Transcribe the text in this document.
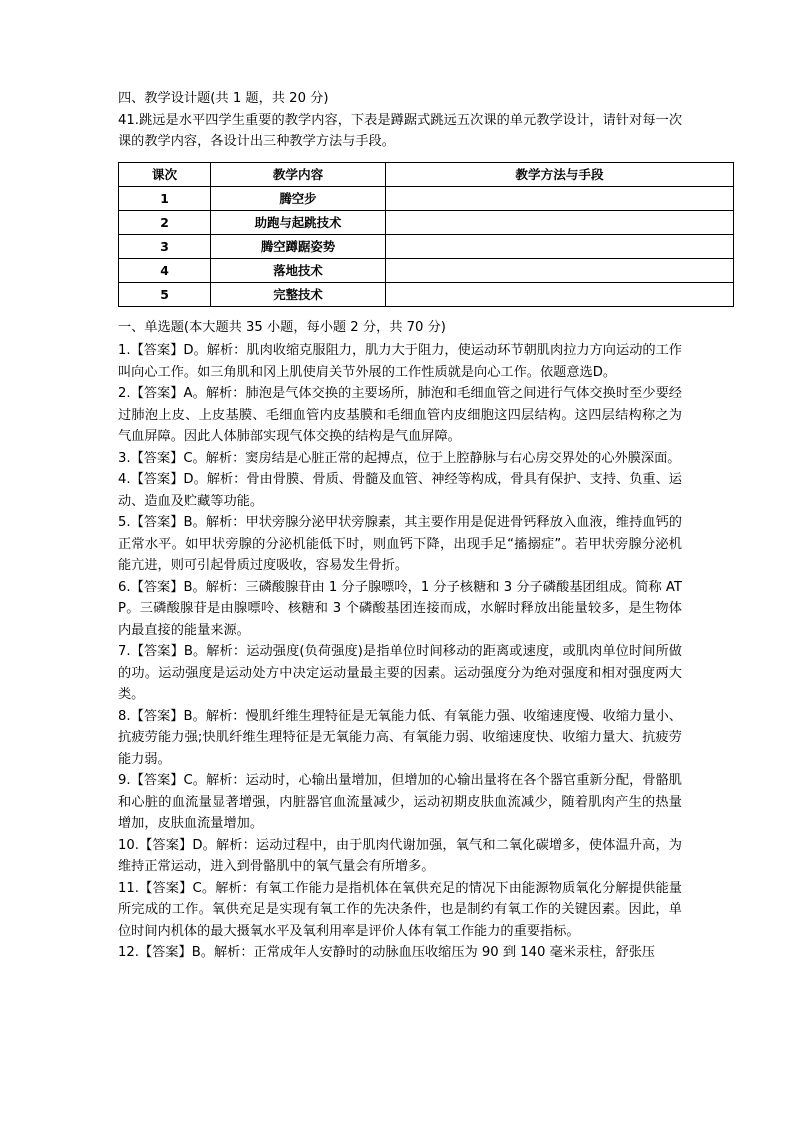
四、教学设计题(共 1 题，共 20 分)
41.跳远是水平四学生重要的教学内容，下表是蹲踞式跳远五次课的单元教学设计，请针对每一次课的教学内容，各设计出三种教学方法与手段。
课次	教学内容	教学方法与手段
1	腾空步	
2	助跑与起跳技术	
3	腾空蹲踞姿势	
4	落地技术	
5	完整技术	
一、单选题(本大题共 35 小题，每小题 2 分，共 70 分)

1.【答案】D。解析：肌肉收缩克服阻力，肌力大于阻力，使运动环节朝肌肉拉力方向运动的工作叫向心工作。如三角肌和冈上肌使肩关节外展的工作性质就是向心工作。依题意选D。

2.【答案】A。解析：肺泡是气体交换的主要场所，肺泡和毛细血管之间进行气体交换时至少要经过肺泡上皮、上皮基膜、毛细血管内皮基膜和毛细血管内皮细胞这四层结构。这四层结构称之为气血屏障。因此人体肺部实现气体交换的结构是气血屏障。

3.【答案】C。解析：窦房结是心脏正常的起搏点，位于上腔静脉与右心房交界处的心外膜深面。

4.【答案】D。解析：骨由骨膜、骨质、骨髓及血管、神经等构成，骨具有保护、支持、负重、运动、造血及贮藏等功能。

5.【答案】B。解析：甲状旁腺分泌甲状旁腺素，其主要作用是促进骨钙释放入血液，维持血钙的正常水平。如甲状旁腺的分泌机能低下时，则血钙下降，出现手足“搐搦症”。若甲状旁腺分泌机能亢进，则可引起骨质过度吸收，容易发生骨折。

6.【答案】B。解析：三磷酸腺苷由 1 分子腺嘌呤，1 分子核糖和 3 分子磷酸基团组成。简称 ATP。三磷酸腺苷是由腺嘌呤、核糖和 3 个磷酸基团连接而成，水解时释放出能量较多，是生物体内最直接的能量来源。

7.【答案】B。解析：运动强度(负荷强度)是指单位时间移动的距离或速度，或肌肉单位时间所做的功。运动强度是运动处方中决定运动量最主要的因素。运动强度分为绝对强度和相对强度两大类。

8.【答案】B。解析：慢肌纤维生理特征是无氧能力低、有氧能力强、收缩速度慢、收缩力量小、抗疲劳能力强;快肌纤维生理特征是无氧能力高、有氧能力弱、收缩速度快、收缩力量大、抗疲劳能力弱。

9.【答案】C。解析：运动时，心输出量增加，但增加的心输出量将在各个器官重新分配，骨骼肌和心脏的血流量显著增强，内脏器官血流量减少，运动初期皮肤血流减少，随着肌肉产生的热量增加，皮肤血流量增加。

10.【答案】D。解析：运动过程中，由于肌肉代谢加强，氧气和二氧化碳增多，使体温升高，为维持正常运动，进入到骨骼肌中的氧气量会有所增多。

11.【答案】C。解析：有氧工作能力是指机体在氧供充足的情况下由能源物质氧化分解提供能量所完成的工作。氧供充足是实现有氧工作的先决条件，也是制约有氧工作的关键因素。因此，单位时间内机体的最大摄氧水平及氧利用率是评价人体有氧工作能力的重要指标。

12.【答案】B。解析：正常成年人安静时的动脉血压收缩压为 90 到 140 毫米汞柱，舒张压
